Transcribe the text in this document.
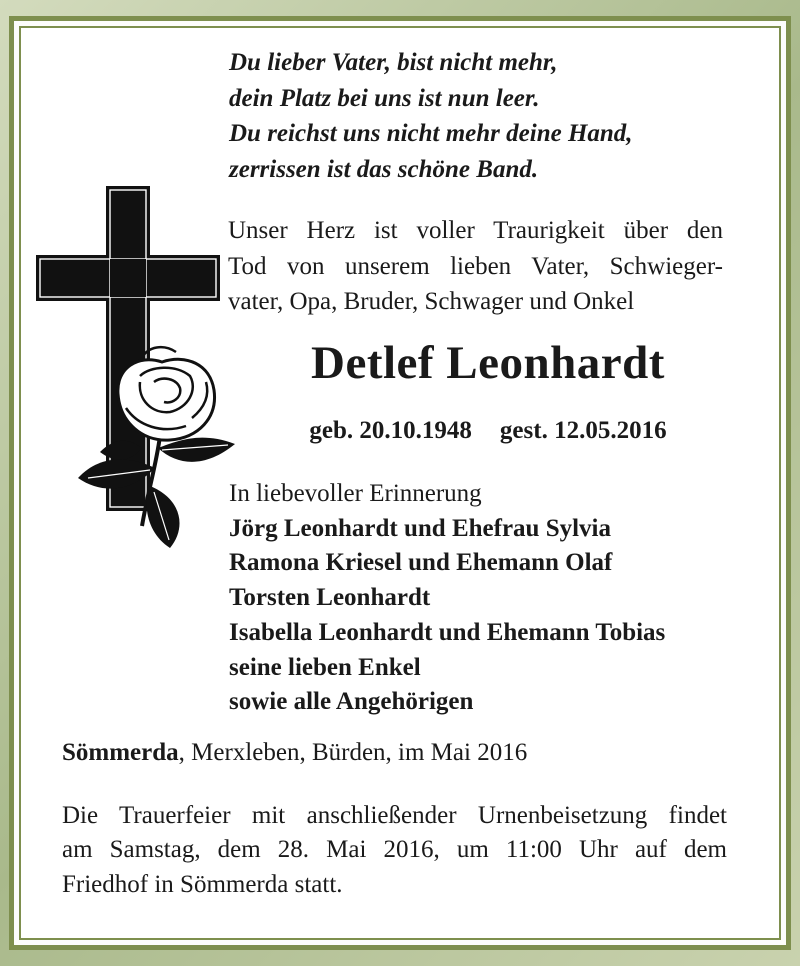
Du lieber Vater, bist nicht mehr,
dein Platz bei uns ist nun leer.
Du reichst uns nicht mehr deine Hand,
zerrissen ist das schöne Band.
Unser Herz ist voller Traurigkeit über den
Tod von unserem lieben Vater, Schwieger-
vater, Opa, Bruder, Schwager und Onkel
Detlef Leonhardt
geb. 20.10.1948 gest. 12.05.2016
In liebevoller Erinnerung
Jörg Leonhardt und Ehefrau Sylvia
Ramona Kriesel und Ehemann Olaf
Torsten Leonhardt
Isabella Leonhardt und Ehemann Tobias
seine lieben Enkel
sowie alle Angehörigen
Sömmerda, Merxleben, Bürden, im Mai 2016
Die Trauerfeier mit anschließender Urnenbeisetzung findet
am Samstag, dem 28. Mai 2016, um 11:00 Uhr auf dem
Friedhof in Sömmerda statt.
